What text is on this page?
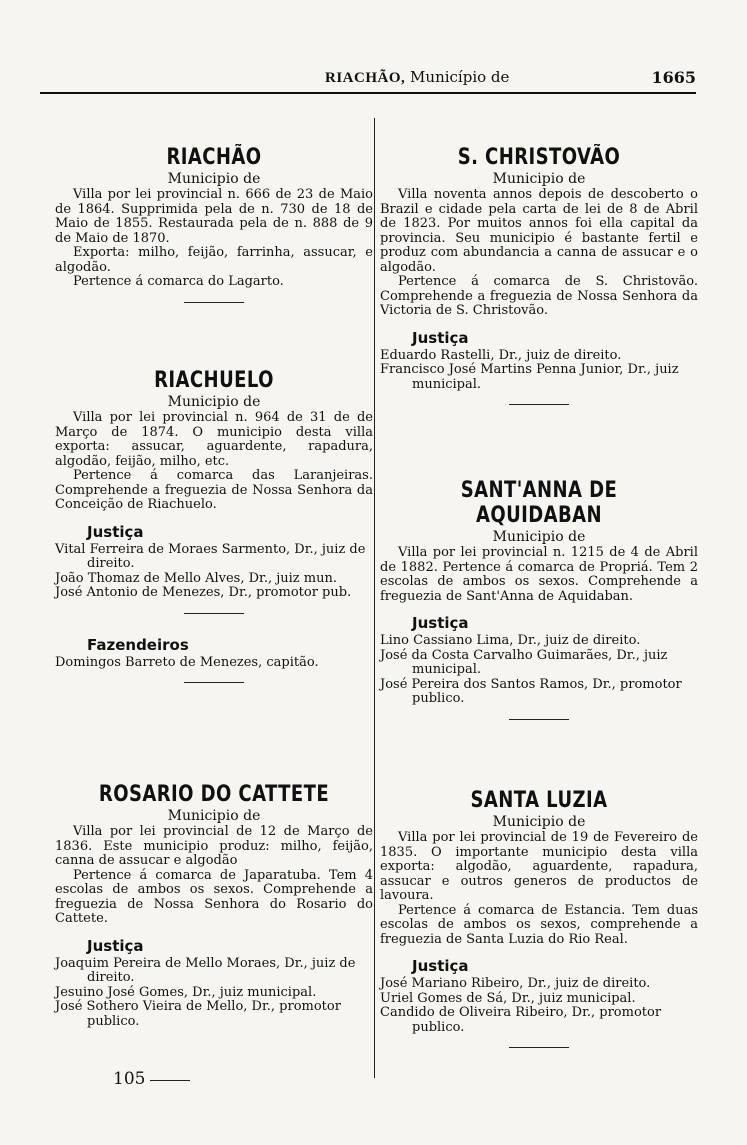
RIACHÃO, Município de	1665
RIACHÃO
Municipio de

Villa por lei provincial n. 666 de 23 de Maio de 1864. Supprimida pela de n. 730 de 18 de Maio de 1855. Restaurada pela de n. 888 de 9 de Maio de 1870.

Exporta: milho, feijão, farrinha, assucar, e algodão.

Pertence á comarca do Lagarto.

RIACHUELO
Municipio de

Villa por lei provincial n. 964 de 31 de de Março de 1874. O municipio desta villa exporta: assucar, aguardente, rapadura, algodão, feijão, milho, etc.

Pertence á comarca das Laranjeiras. Comprehende a freguezia de Nossa Senhora da Conceição de Riachuelo.

Justiça
Vital Ferreira de Moraes Sarmento, Dr., juiz de direito.
João Thomaz de Mello Alves, Dr., juiz mun.
José Antonio de Menezes, Dr., promotor pub.
Fazendeiros
Domingos Barreto de Menezes, capitão.
ROSARIO DO CATTETE
Municipio de

Villa por lei provincial de 12 de Março de 1836. Este municipio produz: milho, feijão, canna de assucar e algodão

Pertence á comarca de Japaratuba. Tem 4 escolas de ambos os sexos. Comprehende a freguezia de Nossa Senhora do Rosario do Cattete.

Justiça
Joaquim Pereira de Mello Moraes, Dr., juiz de direito.
Jesuino José Gomes, Dr., juiz municipal.
José Sothero Vieira de Mello, Dr., promotor publico.
S. CHRISTOVÃO
Municipio de

Villa noventa annos depois de descoberto o Brazil e cidade pela carta de lei de 8 de Abril de 1823. Por muitos annos foi ella capital da provincia. Seu municipio é bastante fertil e produz com abundancia a canna de assucar e o algodão.

Pertence á comarca de S. Christovão. Comprehende a freguezia de Nossa Senhora da Victoria de S. Christovão.

Justiça
Eduardo Rastelli, Dr., juiz de direito.
Francisco José Martins Penna Junior, Dr., juiz municipal.
SANT'ANNA DE AQUIDABAN
Municipio de

Villa por lei provincial n. 1215 de 4 de Abril de 1882. Pertence á comarca de Propriá. Tem 2 escolas de ambos os sexos. Comprehende a freguezia de Sant'Anna de Aquidaban.

Justiça
Lino Cassiano Lima, Dr., juiz de direito.
José da Costa Carvalho Guimarães, Dr., juiz municipal.
José Pereira dos Santos Ramos, Dr., promotor publico.
SANTA LUZIA
Municipio de

Villa por lei provincial de 19 de Fevereiro de 1835. O importante municipio desta villa exporta: algodão, aguardente, rapadura, assucar e outros generos de productos de lavoura.

Pertence á comarca de Estancia. Tem duas escolas de ambos os sexos, comprehende a freguezia de Santa Luzia do Rio Real.

Justiça
José Mariano Ribeiro, Dr., juiz de direito.
Uriel Gomes de Sá, Dr., juiz municipal.
Candido de Oliveira Ribeiro, Dr., promotor publico.
105
